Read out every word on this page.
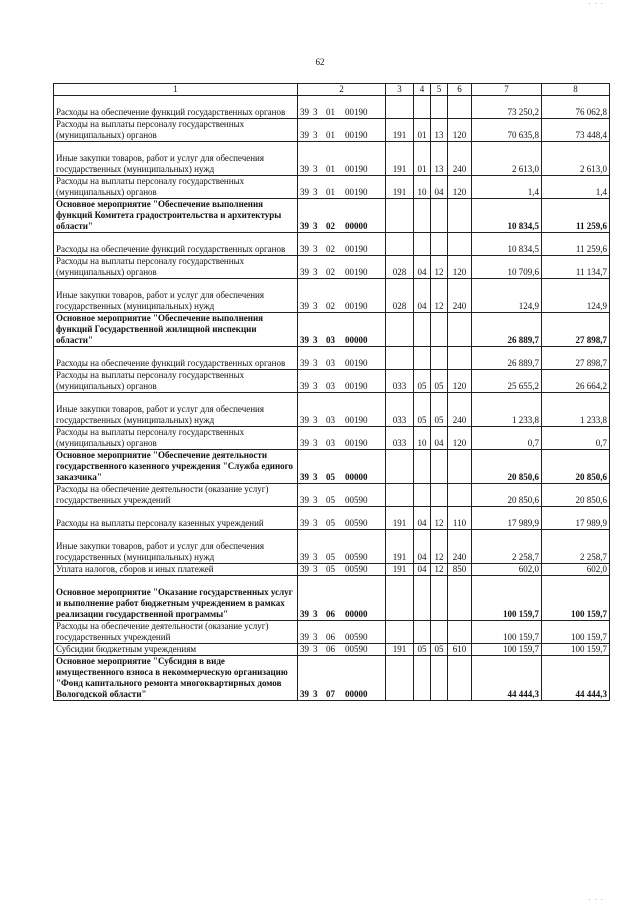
· · ·
62
1	2	3	4	5	6	7	8
Расходы на обеспечение функций государственных органов	39 3 01 00190					73 250,2	76 062,8
Расходы на выплаты персоналу государственных (муниципальных) органов	39 3 01 00190	191	01	13	120	70 635,8	73 448,4
Иные закупки товаров, работ и услуг для обеспечения государственных (муниципальных) нужд	39 3 01 00190	191	01	13	240	2 613,0	2 613,0
Расходы на выплаты персоналу государственных (муниципальных) органов	39 3 01 00190	191	10	04	120	1,4	1,4
Основное мероприятие "Обеспечение выполнения функций Комитета градостроительства и архитектуры области"	39 3 02 00000					10 834,5	11 259,6
Расходы на обеспечение функций государственных органов	39 3 02 00190					10 834,5	11 259,6
Расходы на выплаты персоналу государственных (муниципальных) органов	39 3 02 00190	028	04	12	120	10 709,6	11 134,7
Иные закупки товаров, работ и услуг для обеспечения государственных (муниципальных) нужд	39 3 02 00190	028	04	12	240	124,9	124,9
Основное мероприятие "Обеспечение выполнения функций Государственной жилищной инспекции области"	39 3 03 00000					26 889,7	27 898,7
Расходы на обеспечение функций государственных органов	39 3 03 00190					26 889,7	27 898,7
Расходы на выплаты персоналу государственных (муниципальных) органов	39 3 03 00190	033	05	05	120	25 655,2	26 664,2
Иные закупки товаров, работ и услуг для обеспечения государственных (муниципальных) нужд	39 3 03 00190	033	05	05	240	1 233,8	1 233,8
Расходы на выплаты персоналу государственных (муниципальных) органов	39 3 03 00190	033	10	04	120	0,7	0,7
Основное мероприятие "Обеспечение деятельности государственного казенного учреждения "Служба единого заказчика"	39 3 05 00000					20 850,6	20 850,6
Расходы на обеспечение деятельности (оказание услуг) государственных учреждений	39 3 05 00590					20 850,6	20 850,6
Расходы на выплаты персоналу казенных учреждений	39 3 05 00590	191	04	12	110	17 989,9	17 989,9
Иные закупки товаров, работ и услуг для обеспечения государственных (муниципальных) нужд	39 3 05 00590	191	04	12	240	2 258,7	2 258,7
Уплата налогов, сборов и иных платежей	39 3 05 00590	191	04	12	850	602,0	602,0
Основное мероприятие "Оказание государственных услуг и выполнение работ бюджетным учреждением в рамках реализации государственной программы"	39 3 06 00000					100 159,7	100 159,7
Расходы на обеспечение деятельности (оказание услуг) государственных учреждений	39 3 06 00590					100 159,7	100 159,7
Субсидии бюджетным учреждениям	39 3 06 00590	191	05	05	610	100 159,7	100 159,7
Основное мероприятие "Субсидия в виде имущественного взноса в некоммерческую организацию "Фонд капитального ремонта многоквартирных домов Вологодской области"	39 3 07 00000					44 444,3	44 444,3
· · ·
